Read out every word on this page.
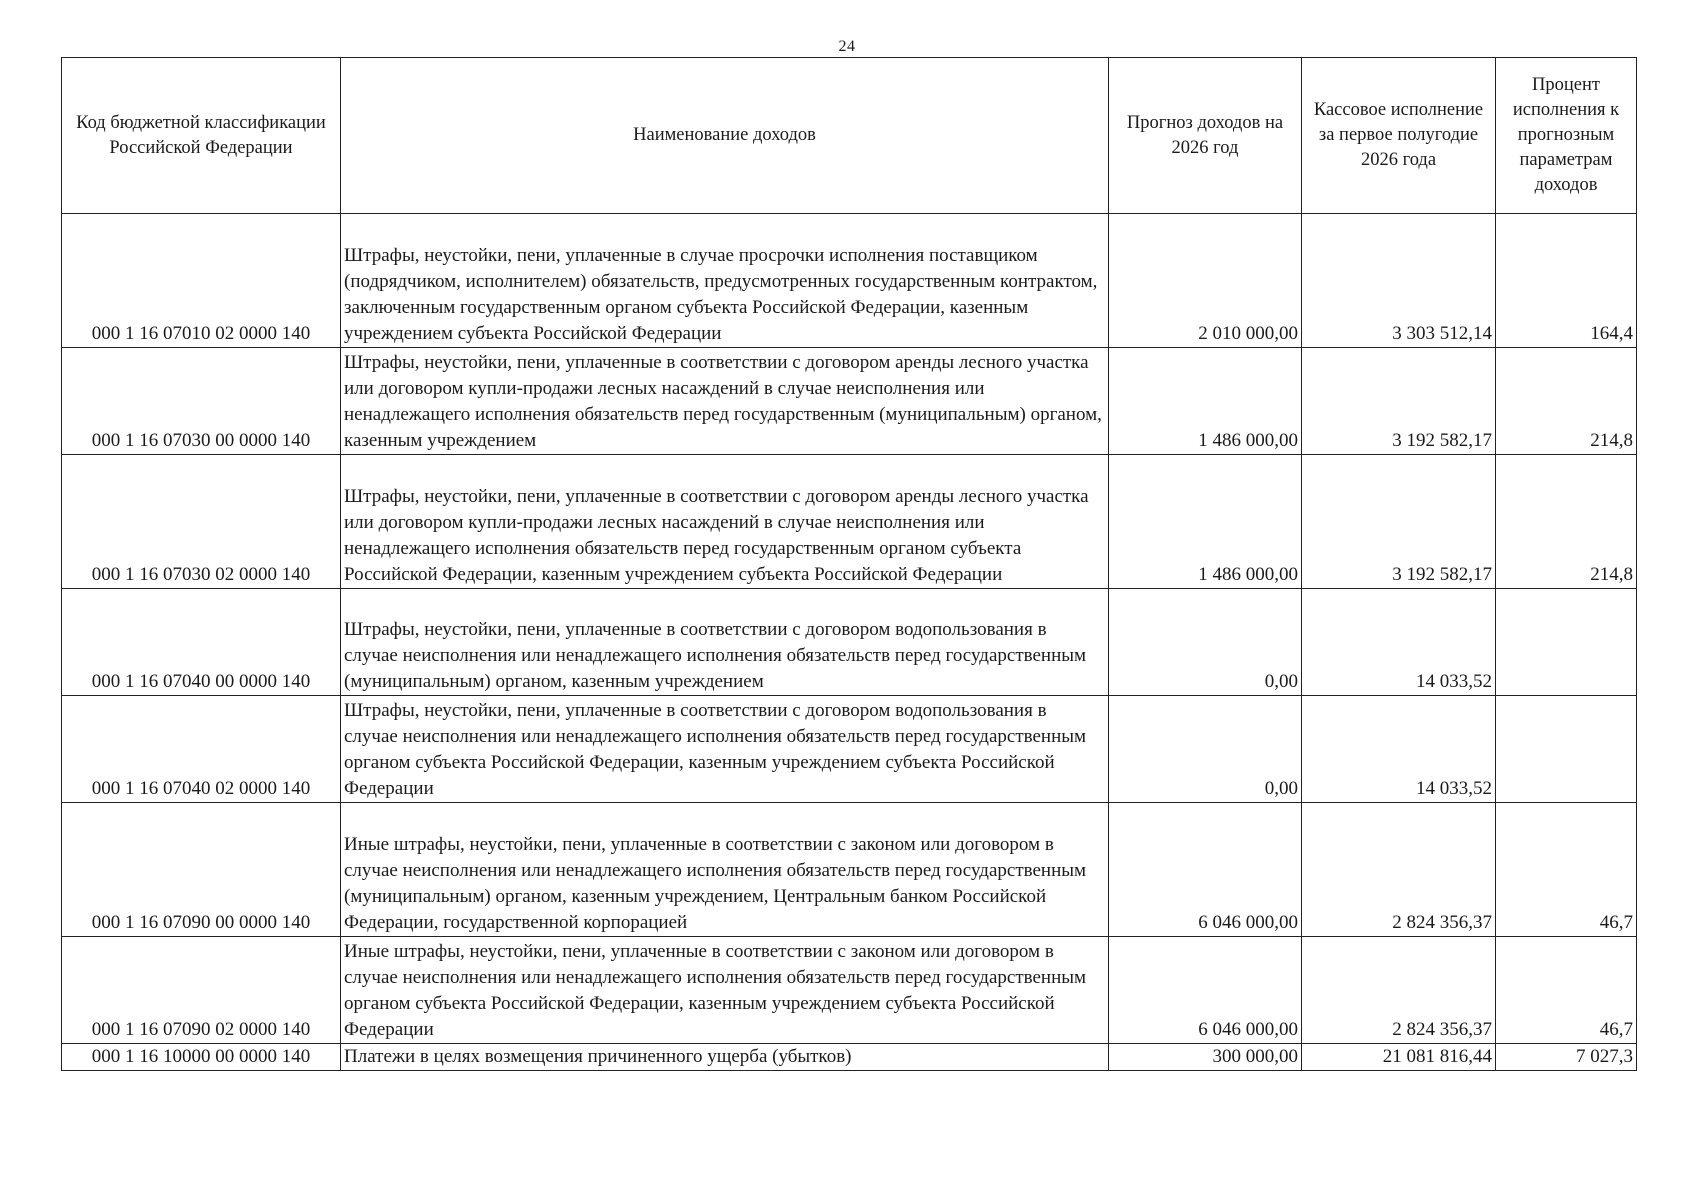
24
Код бюджетной классификации Российской Федерации	Наименование доходов	Прогноз доходов на 2026 год	Кассовое исполнение за первое полугодие 2026 года	Процент исполнения к прогнозным параметрам доходов
000 1 16 07010 02 0000 140	Штрафы, неустойки, пени, уплаченные в случае просрочки исполнения поставщиком (подрядчиком, исполнителем) обязательств, предусмотренных государственным контрактом, заключенным государственным органом субъекта Российской Федерации, казенным учреждением субъекта Российской Федерации	2 010 000,00	3 303 512,14	164,4
000 1 16 07030 00 0000 140	Штрафы, неустойки, пени, уплаченные в соответствии с договором аренды лесного участка или договором купли-продажи лесных насаждений в случае неисполнения или ненадлежащего исполнения обязательств перед государственным (муниципальным) органом, казенным учреждением	1 486 000,00	3 192 582,17	214,8
000 1 16 07030 02 0000 140	Штрафы, неустойки, пени, уплаченные в соответствии с договором аренды лесного участка или договором купли-продажи лесных насаждений в случае неисполнения или ненадлежащего исполнения обязательств перед государственным органом субъекта Российской Федерации, казенным учреждением субъекта Российской Федерации	1 486 000,00	3 192 582,17	214,8
000 1 16 07040 00 0000 140	Штрафы, неустойки, пени, уплаченные в соответствии с договором водопользования в случае неисполнения или ненадлежащего исполнения обязательств перед государственным (муниципальным) органом, казенным учреждением	0,00	14 033,52	
000 1 16 07040 02 0000 140	Штрафы, неустойки, пени, уплаченные в соответствии с договором водопользования в случае неисполнения или ненадлежащего исполнения обязательств перед государственным органом субъекта Российской Федерации, казенным учреждением субъекта Российской Федерации	0,00	14 033,52	
000 1 16 07090 00 0000 140	Иные штрафы, неустойки, пени, уплаченные в соответствии с законом или договором в случае неисполнения или ненадлежащего исполнения обязательств перед государственным (муниципальным) органом, казенным учреждением, Центральным банком Российской Федерации, государственной корпорацией	6 046 000,00	2 824 356,37	46,7
000 1 16 07090 02 0000 140	Иные штрафы, неустойки, пени, уплаченные в соответствии с законом или договором в случае неисполнения или ненадлежащего исполнения обязательств перед государственным органом субъекта Российской Федерации, казенным учреждением субъекта Российской Федерации	6 046 000,00	2 824 356,37	46,7
000 1 16 10000 00 0000 140	Платежи в целях возмещения причиненного ущерба (убытков)	300 000,00	21 081 816,44	7 027,3
